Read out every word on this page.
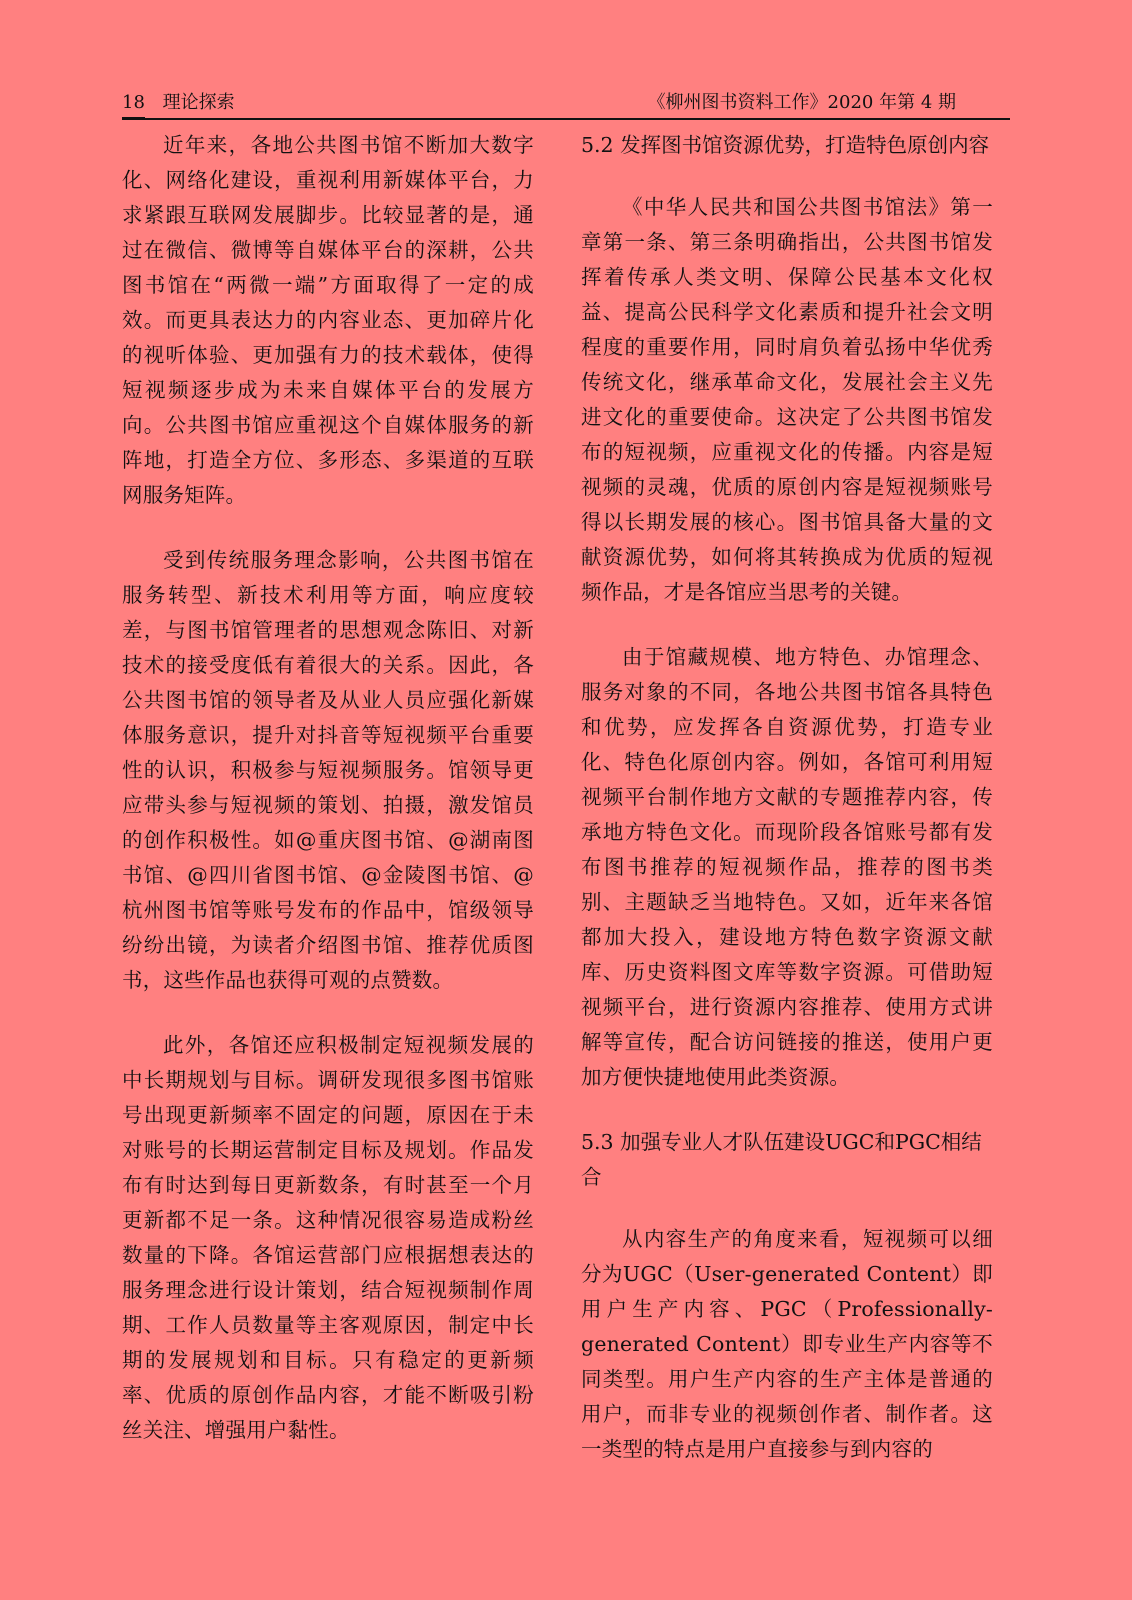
18 理论探索	《柳州图书资料工作》2020 年第 4 期

近年来，各地公共图书馆不断加大数字化、网络化建设，重视利用新媒体平台，力求紧跟互联网发展脚步。比较显著的是，通过在微信、微博等自媒体平台的深耕，公共图书馆在“两微一端”方面取得了一定的成效。而更具表达力的内容业态、更加碎片化的视听体验、更加强有力的技术载体，使得短视频逐步成为未来自媒体平台的发展方向。公共图书馆应重视这个自媒体服务的新阵地，打造全方位、多形态、多渠道的互联网服务矩阵。

受到传统服务理念影响，公共图书馆在服务转型、新技术利用等方面，响应度较差，与图书馆管理者的思想观念陈旧、对新技术的接受度低有着很大的关系。因此，各公共图书馆的领导者及从业人员应强化新媒体服务意识，提升对抖音等短视频平台重要性的认识，积极参与短视频服务。馆领导更应带头参与短视频的策划、拍摄，激发馆员的创作积极性。如@重庆图书馆、@湖南图书馆、@四川省图书馆、@金陵图书馆、@杭州图书馆等账号发布的作品中，馆级领导纷纷出镜，为读者介绍图书馆、推荐优质图书，这些作品也获得可观的点赞数。

此外，各馆还应积极制定短视频发展的中长期规划与目标。调研发现很多图书馆账号出现更新频率不固定的问题，原因在于未对账号的长期运营制定目标及规划。作品发布有时达到每日更新数条，有时甚至一个月更新都不足一条。这种情况很容易造成粉丝数量的下降。各馆运营部门应根据想表达的服务理念进行设计策划，结合短视频制作周期、工作人员数量等主客观原因，制定中长期的发展规划和目标。只有稳定的更新频率、优质的原创作品内容，才能不断吸引粉丝关注、增强用户黏性。

5.2 发挥图书馆资源优势，打造特色原创内容

《中华人民共和国公共图书馆法》第一章第一条、第三条明确指出，公共图书馆发挥着传承人类文明、保障公民基本文化权益、提高公民科学文化素质和提升社会文明程度的重要作用，同时肩负着弘扬中华优秀传统文化，继承革命文化，发展社会主义先进文化的重要使命。这决定了公共图书馆发布的短视频，应重视文化的传播。内容是短视频的灵魂，优质的原创内容是短视频账号得以长期发展的核心。图书馆具备大量的文献资源优势，如何将其转换成为优质的短视频作品，才是各馆应当思考的关键。

由于馆藏规模、地方特色、办馆理念、服务对象的不同，各地公共图书馆各具特色和优势，应发挥各自资源优势，打造专业化、特色化原创内容。例如，各馆可利用短视频平台制作地方文献的专题推荐内容，传承地方特色文化。而现阶段各馆账号都有发布图书推荐的短视频作品，推荐的图书类别、主题缺乏当地特色。又如，近年来各馆都加大投入，建设地方特色数字资源文献库、历史资料图文库等数字资源。可借助短视频平台，进行资源内容推荐、使用方式讲解等宣传，配合访问链接的推送，使用户更加方便快捷地使用此类资源。

5.3 加强专业人才队伍建设UGC和PGC相结合

从内容生产的角度来看，短视频可以细分为UGC（User-generated Content）即用户生产内容、PGC（Professionally-generated Content）即专业生产内容等不同类型。用户生产内容的生产主体是普通的用户，而非专业的视频创作者、制作者。这一类型的特点是用户直接参与到内容的
